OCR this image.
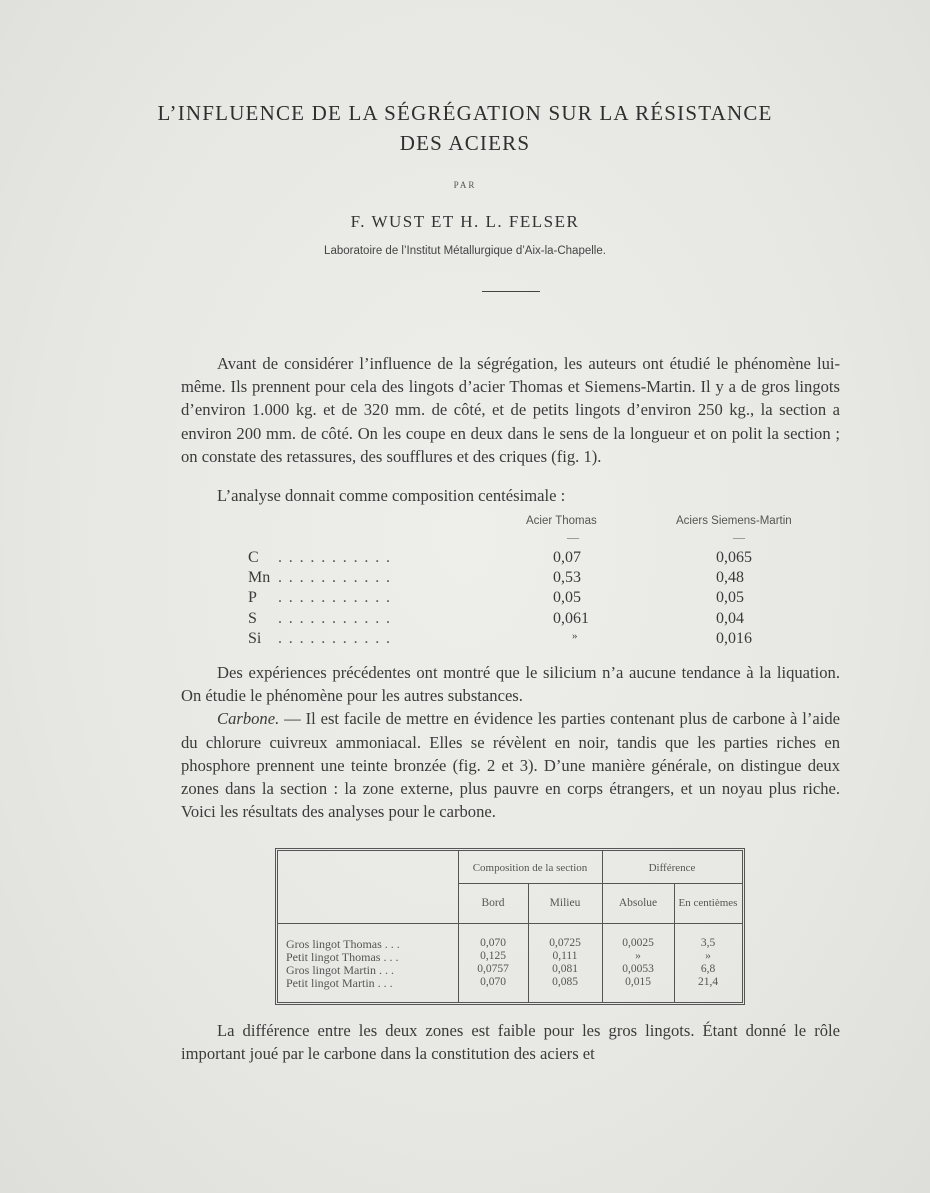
L’INFLUENCE DE LA SÉGRÉGATION SUR LA RÉSISTANCE
DES ACIERS
PAR
F. WUST ET H. L. FELSER
Laboratoire de l’Institut Métallurgique d’Aix-la-Chapelle.

Avant de considérer l’influence de la ségrégation, les auteurs ont étudié le phénomène lui-même. Ils prennent pour cela des lingots d’acier Thomas et Siemens-Martin. Il y a de gros lingots d’environ 1.000 kg. et de 320 mm. de côté, et de petits lingots d’environ 250 kg., la section a environ 200 mm. de côté. On les coupe en deux dans le sens de la longueur et on polit la section ; on constate des retassures, des soufflures et des criques (fig. 1).

L’analyse donnait comme composition centésimale :

Acier Thomas	Aciers Siemens-Martin
—	—
C ...........	0,07	0,065
Mn ...........	0,53	0,48
P ...........	0,05	0,05
S ...........	0,061	0,04
Si ...........	»	0,016

Des expériences précédentes ont montré que le silicium n’a aucune tendance à la liquation. On étudie le phénomène pour les autres substances.

Carbone. — Il est facile de mettre en évidence les parties contenant plus de carbone à l’aide du chlorure cuivreux ammoniacal. Elles se révèlent en noir, tandis que les parties riches en phosphore prennent une teinte bronzée (fig. 2 et 3). D’une manière générale, on distingue deux zones dans la section : la zone externe, plus pauvre en corps étrangers, et un noyau plus riche. Voici les résultats des analyses pour le carbone.

Composition de la section	Différence
Bord	Milieu	Absolue	En centièmes
Gros lingot Thomas . . .	0,070	0,0725	0,0025	3,5
Petit lingot Thomas . . .	0,125	0,111	»	»
Gros lingot Martin . . .	0,0757	0,081	0,0053	6,8
Petit lingot Martin . . .	0,070	0,085	0,015	21,4

La différence entre les deux zones est faible pour les gros lingots. Étant donné le rôle important joué par le carbone dans la constitution des aciers et
